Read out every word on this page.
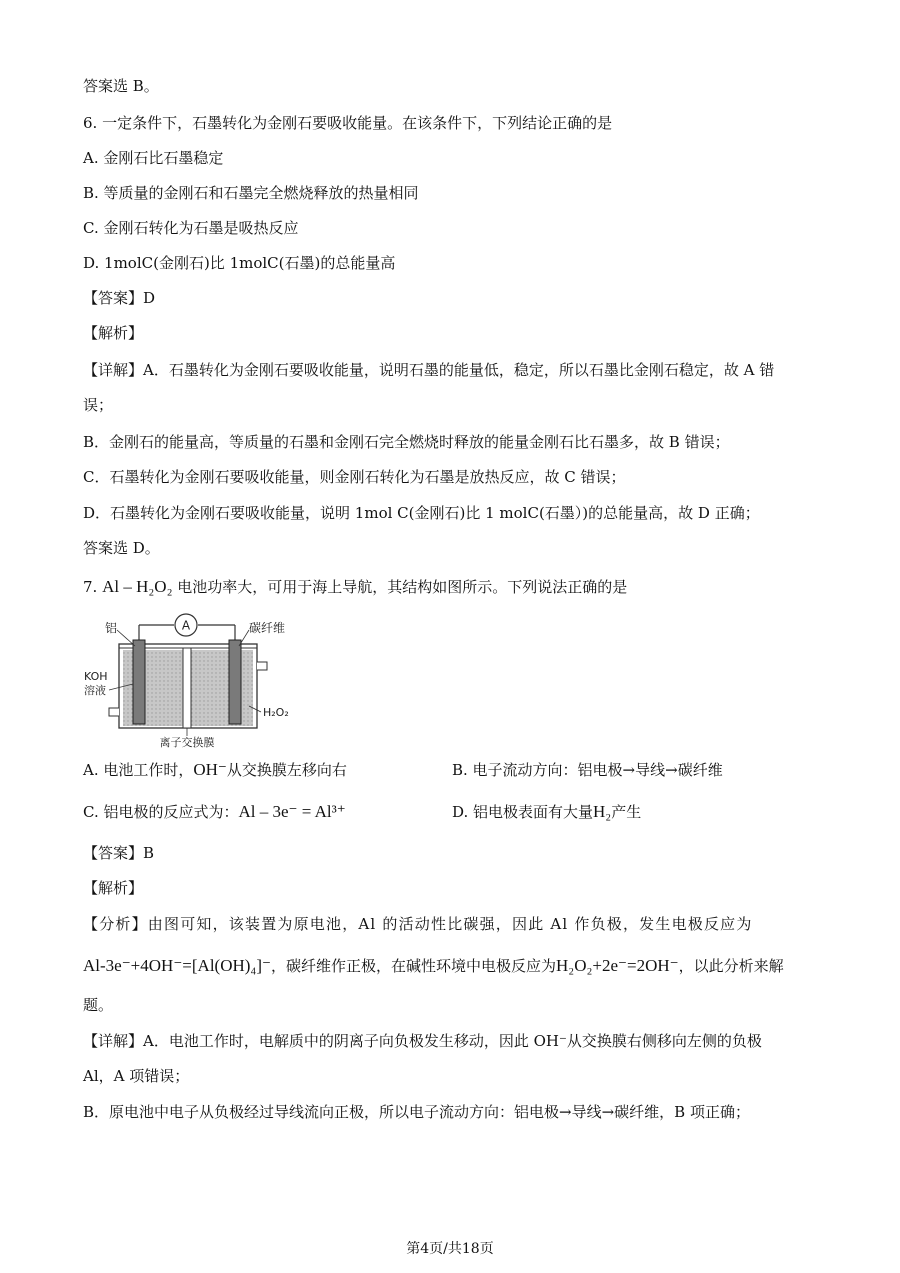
答案选 B。
6. 一定条件下，石墨转化为金刚石要吸收能量。在该条件下，下列结论正确的是
A. 金刚石比石墨稳定
B. 等质量的金刚石和石墨完全燃烧释放的热量相同
C. 金刚石转化为石墨是吸热反应
D. 1molC(金刚石)比 1molC(石墨)的总能量高
【答案】D
【解析】
【详解】A．石墨转化为金刚石要吸收能量，说明石墨的能量低，稳定，所以石墨比金刚石稳定，故 A 错
误；
B．金刚石的能量高，等质量的石墨和金刚石完全燃烧时释放的能量金刚石比石墨多，故 B 错误；
C．石墨转化为金刚石要吸收能量，则金刚石转化为石墨是放热反应，故 C 错误；
D．石墨转化为金刚石要吸收能量，说明 1mol C(金刚石)比 1 molC(石墨）)的总能量高，故 D 正确；
答案选 D。
7. Al – H₂O₂ 电池功率大，可用于海上导航，其结构如图所示。下列说法正确的是
A
铝	碳纤维
KOH
溶液
H₂O₂
离子交换膜
A. 电池工作时，OH⁻从交换膜左移向右	B. 电子流动方向：铝电极→导线→碳纤维
C. 铝电极的反应式为：Al – 3e⁻ = Al³⁺	D. 铝电极表面有大量H₂产生
【答案】B
【解析】
【分析】由图可知，该装置为原电池，Al 的活动性比碳强，因此 Al 作负极，发生电极反应为
Al-3e⁻+4OH⁻=[Al(OH)₄]⁻，碳纤维作正极，在碱性环境中电极反应为H₂O₂+2e⁻=2OH⁻，以此分析来解
题。
【详解】A．电池工作时，电解质中的阴离子向负极发生移动，因此 OH⁻从交换膜右侧移向左侧的负极
Al，A 项错误；
B．原电池中电子从负极经过导线流向正极，所以电子流动方向：铝电极→导线→碳纤维，B 项正确；
第4页/共18页
